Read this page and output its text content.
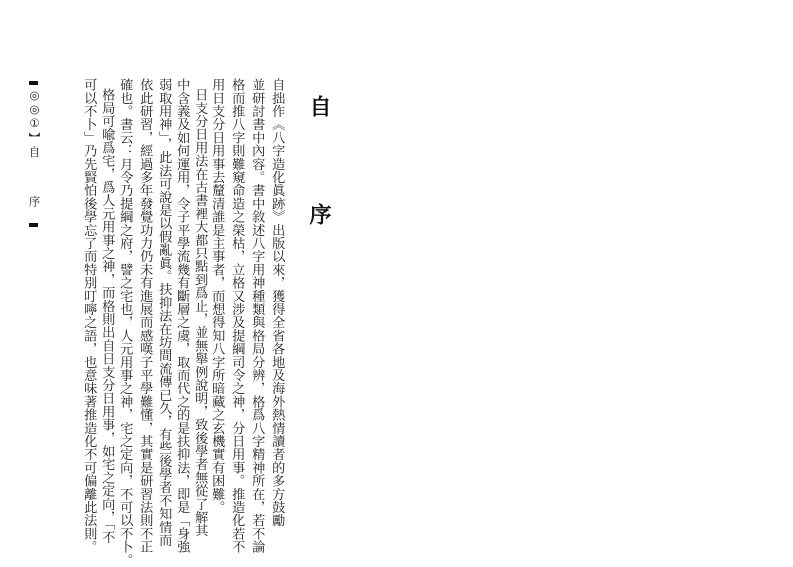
自 序
自拙作《八字造化眞跡》出版以來，獲得全省各地及海外熱情讀者的多方鼓勵
並研討書中內容。書中敘述八字用神種類與格局分辨，格爲八字精神所在，若不論
格而推八字則難窺命造之榮枯，立格又涉及提綱司令之神，分日用事。推造化若不
用日支分日用事去釐清誰是主事者，而想得知八字所暗藏之玄機實有困難。
日支分日用法在古書裡大都只點到爲止，並無舉例說明，致後學者無從了解其
中含義及如何運用，令子平學流幾有斷層之虞，取而代之的是扶抑法，即是「身強
弱取用神」，此法可說是以假亂眞。扶抑法在坊間流傳已久，有些後學者不知情而
依此研習，經過多年發覺功力仍未有進展而感嘆子平學難懂，其實是研習法則不正
確也。書云：月令乃提綱之府，譬之宅也，人元用事之神，宅之定向，不可以不卜。
格局可喩爲宅，爲人元用事之神，而格則出自日支分日用事，如宅之定向，「不
可以不卜」乃先賢怕後學忘了而特別叮嚀之語，也意味著推造化不可偏離此法則。
◎◎①
】
自 序
